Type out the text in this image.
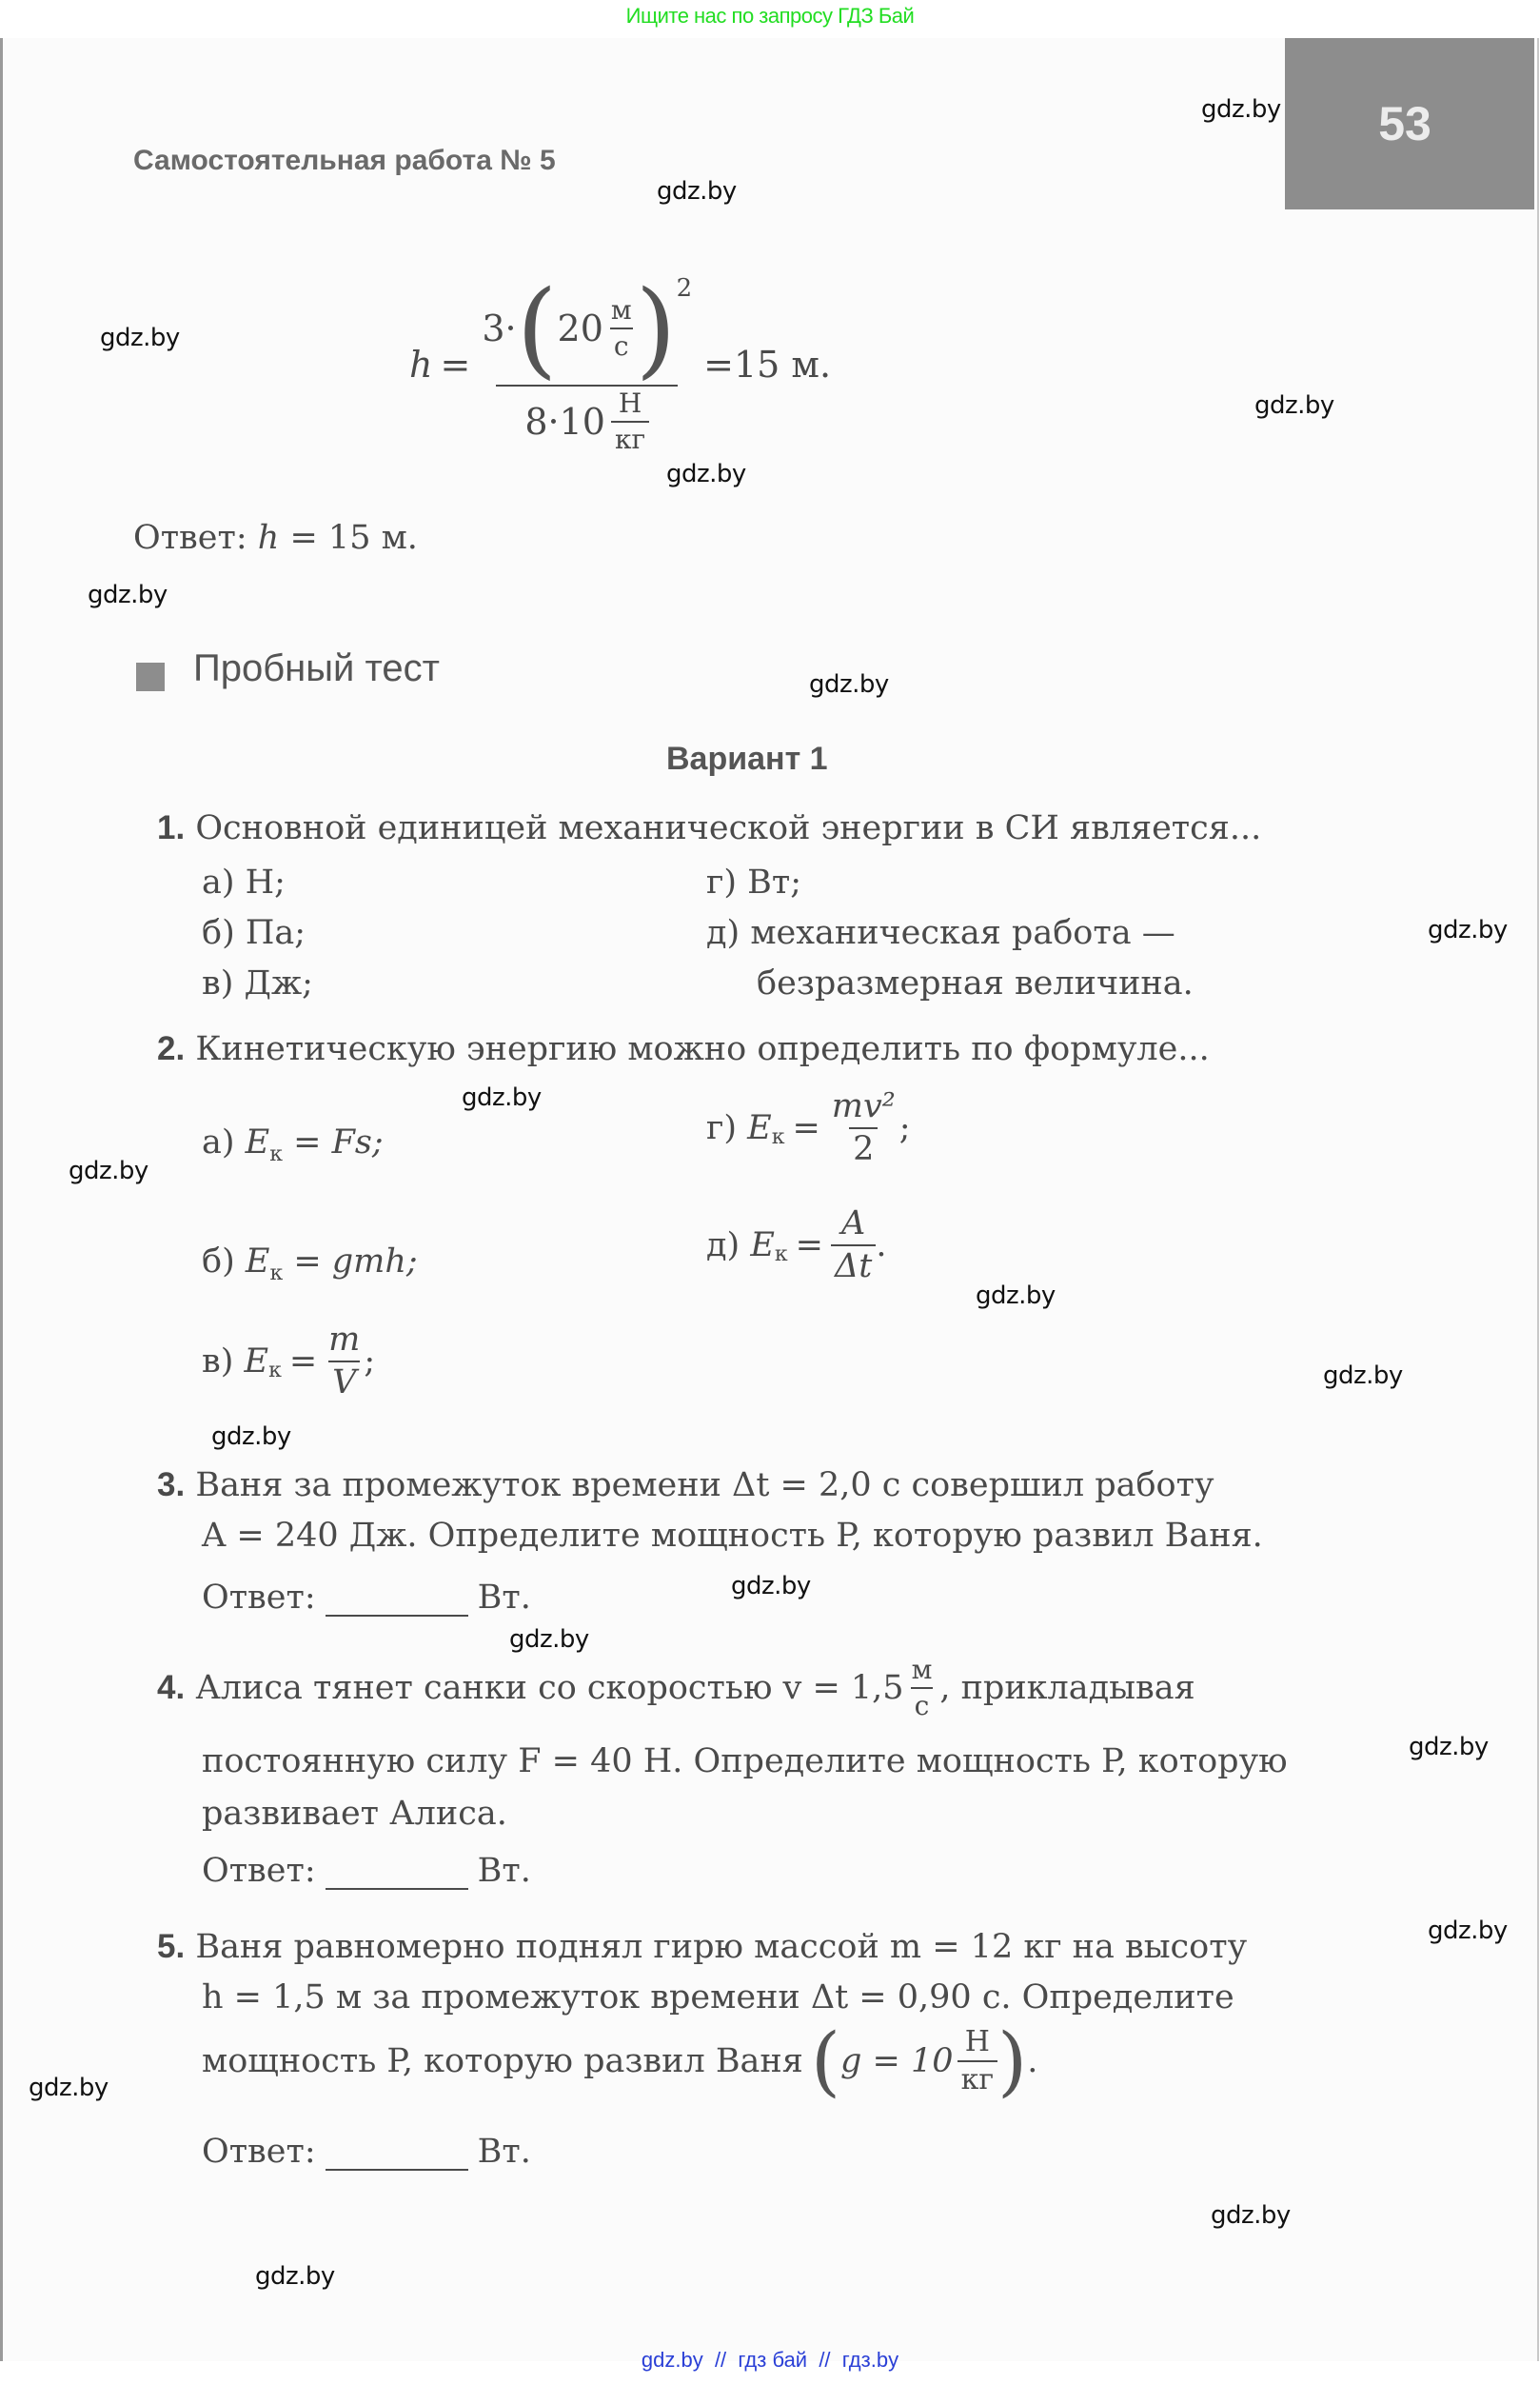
Ищите нас по запросу ГДЗ Бай
53
Самостоятельная работа № 5
h =
3· ( $20 \frac{м}{с} )^2$
$8\cdot 10 \frac{Н}{кг}$
=15 м.
Ответ: h = 15 м.
Пробный тест
Вариант 1
1. Основной единицей механической энергии в СИ является...
а) Н;
б) Па;
в) Дж;
г) Вт;
д) механическая работа —
безразмерная величина.
2. Кинетическую энергию можно определить по формуле...
а) $E_к = Fs$;	г)
$E_к = \frac{\text{mv²}}{2}$ ;
б) $E_к$ = gmh;	д)
$E_к = \frac{A}{\Delta t}$ .
в)
$E_к = \frac{m}{V}$ ;
3. Ваня за промежуток времени Δt = 2,0 с совершил работу
A = 240 Дж. Определите мощность P, которую развил Ваня.
Ответ:	Вт.
4.
Алиса тянет санки со скоростью $v = 1,5 \frac{м}{с}$ , прикладывая
постоянную силу F = 40 Н. Определите мощность P, которую
развивает Алиса.
Ответ:	Вт.
5. Ваня равномерно поднял гирю массой m = 12 кг на высоту
h = 1,5 м за промежуток времени Δt = 0,90 с. Определите
мощность P, которую развил Ваня ( $g = 10 \frac{Н}{кг}$ ) .
Ответ:	Вт.
gdz.by
gdz.by
gdz.by
gdz.by
gdz.by
gdz.by
gdz.by
gdz.by
gdz.by
gdz.by
gdz.by
gdz.by
gdz.by
gdz.by
gdz.by
gdz.by
gdz.by
gdz.by
gdz.by
gdz.by
gdz.by  //  гдз бай  //  гдз.by
